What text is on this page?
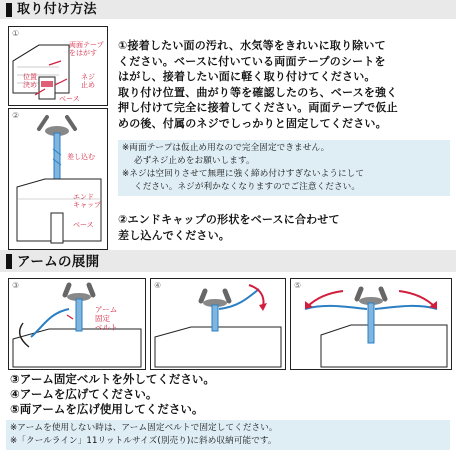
取り付け方法
①
両面テープ
をはがす
位置
決め
ネジ
止め
ベース
②
差し込む
エンド
キャップ
ベース
①接着したい面の汚れ、水気等をきれいに取り除いて
ください。ベースに付いている両面テープのシートを
はがし、接着したい面に軽く取り付けてください。
取り付け位置、曲がり等を確認したのち、ベースを強く
押し付けて完全に接着してください。両面テープで仮止
めの後、付属のネジでしっかりと固定してください。
※両面テープは仮止め用なので完全固定できません。
必ずネジ止めをお願いします。
※ネジは空回りさせて無理に強く締め付けすぎないようにして
ください。ネジが利かなくなりますのでご注意ください。
②エンドキャップの形状をベースに合わせて
差し込んでください。
アームの展開
③
アーム
固定
ベルト
④	⑤
③アーム固定ベルトを外してください。
④アームを広げてください。
⑤両アームを広げ使用してください。
※アームを使用しない時は、アーム固定ベルトで固定してください。
※「クールライン」11リットルサイズ(別売り)に斜め収納可能です。
